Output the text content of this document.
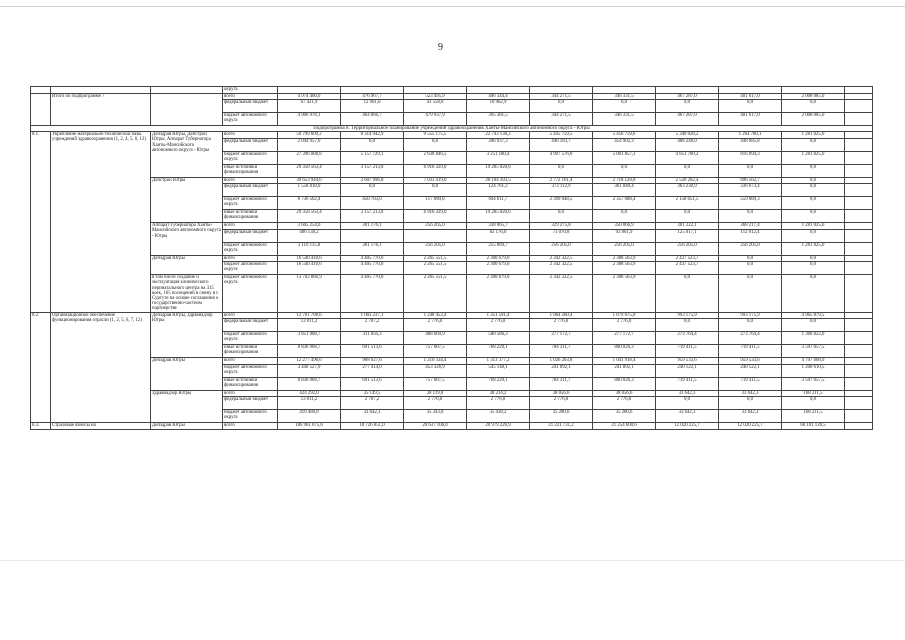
9
			округа										
	Итого по подпрограмме 7		всего	4 974 400,0	476 967,7	523 495,9	406 344,4	344 271,5	346 331,5	467 287,0	401 617,0	2 008 085,0	
			федеральный бюджет	67 421,9	12 901,0	43 558,0	10 962,9	0,0	0,0	0,0	0,0	0,0	
			бюджет автономного округа	4 906 978,1	464 066,7	479 937,9	395 381,5	344 271,5	346 331,5	467 287,0	401 617,0	2 008 085,0	
Подпрограмма 8. Территориальное планирование учреждений здравоохранения Ханты-Мансийского автономного округа - Югры													
8.1.	Укрепление материально-технической базы учреждений здравоохранения (1, 2, 4, 5, 6, 12)	Депздрав Югры, Депстрой Югры, Аппарат Губернатора Ханты-Мансийского автономного округа - Югры	всего	59 799 609,2	8 314 942,9	9 555 175,5	22 743 138,2	5 445 759,5	5 456 759,6	5 340 028,2	1 264 780,1	1 281 025,0	
			федеральный бюджет	2 044 957,0	0,0	0,0	206 937,3	446 183,7	454 902,3	488 248,0	448 685,8	0,0	
			бюджет автономного округа	27 396 088,8	5 157 729,1	2 638 846,5	3 251 180,4	4 997 576,0	5 001 857,3	4 851 780,2	816 094,3	1 281 025,0	
			иные источники финансирования	29 358 563,4	3 157 213,8	6 916 329,0	19 285 020,6	0,0	0,0	0,0	0,0	0,0	
		Депстрой Югры	всего	39 653 944,6	3 607 996,8	7 033 419,0	20 104 393,5	2 772 161,4	2 718 128,8	2 528 282,4	896 562,7	0,0	
			федеральный бюджет	1 558 818,0	0,0	0,0	124 761,2	373 112,9	361 040,4	363 230,9	336 673,4	0,0	
			бюджет автономного округа	8 736 562,4	450 783,0	117 090,0	694 611,7	2 399 048,5	2 357 088,4	2 158 051,5	559 889,3	0,0	
			иные источники финансирования	29 358 563,4	3 157 213,8	6 916 329,0	19 285 020,6	0,0	0,0	0,0	0,0	0,0	
		Аппарат Губернатора Ханты-Мансийского автономного округа - Югры	всего	3 605 254,0	301 176,1	256 205,0	338 065,7	329 275,8	350 066,9	381 222,1	368 217,4	1 281 025,0	
			федеральный бюджет	486 138,2			82 176,0	73 070,8	93 861,9	125 017,1	112 012,4	0,0	
			бюджет автономного округа	3 119 115,8	301 176,1	256 205,0	255 889,7	256 205,0	256 205,0	256 205,0	256 205,0	1 281 025,0	
		Депздрав Югры	всего	16 540 410,6	4 405 770,0	2 265 551,5	2 300 679,0	2 342 322,5	2 388 563,9	2 437 523,7	0,0	0,0	
			бюджет автономного округа	16 540 410,6	4 405 770,0	2 265 551,5	2 300 679,0	2 342 322,5	2 388 563,9	2 437 523,7	0,0	0,0	
		в том числе создание и эксплуатация клинического перинатального центра на 315 коек, 165 посещений в смену в г. Сургуте на основе соглашения о государственно-частном партнерстве	бюджет автономного округа	13 702 886,9	4 405 770,0	2 265 551,5	2 300 679,0	2 342 322,5	2 388 563,9	0,0	0,0	0,0	
8.2.	Организационное обеспечение функционирования отрасли (1, 2, 5, 6, 7, 12)	Депздрав Югры, Здравнадзор Югры	всего	12 701 788,6	1 003 237,1	1 248 453,4	1 351 591,4	1 064 260,4	1 079 075,0	993 175,9	993 175,9	4 965 879,5	
			федеральный бюджет	13 811,2	2 707,2	2 776,0	2 776,0	2 776,0	2 776,0	0,0	0,0	0,0	
			бюджет автономного округа	3 851 008,7	311 056,3	488 669,9	580 586,3	277 172,7	277 172,7	273 764,4	273 764,4	1 368 822,0	
			иные источники финансирования	8 836 968,7	691 513,6	757 007,5	768 229,1	784 311,7	800 026,3	719 411,5	719 411,5	3 597 057,5	
		Депздрав Югры	всего	12 277 496,6	968 927,6	1 210 334,4	1 313 377,2	1 026 203,8	1 041 918,4	959 533,6	959 533,6	4 797 668,0	
			бюджет автономного округа	3 440 527,9	277 414,0	453 326,9	545 148,1	241 892,1	241 892,1	240 122,1	240 122,1	1 200 610,5	
			иные источники финансирования	8 836 968,7	691 513,6	757 007,5	768 229,1	784 311,7	800 026,3	719 411,5	719 411,5	3 597 057,5	
		Здравнадзор Югры	всего	424 292,0	35 149,5	38 119,0	38 214,2	38 056,6	38 056,6	33 642,3	33 642,3	168 211,5	
			федеральный бюджет	13 811,2	2 707,2	2 776,0	2 776,0	2 776,0	2 776,0	0,0	0,0	0,0	
			бюджет автономного округа	410 480,8	33 642,3	35 343,0	35 438,2	35 280,6	35 280,6	33 642,3	33 642,3	168 211,5	
8.3.	Страховые взносы на	Депздрав Югры	всего	186 961 075,6	18 726 851,0	20 637 106,0	20 979 226,9	21 221 731,2	21 254 600,6	12 020 225,7	12 020 225,7	60 101 128,5	
